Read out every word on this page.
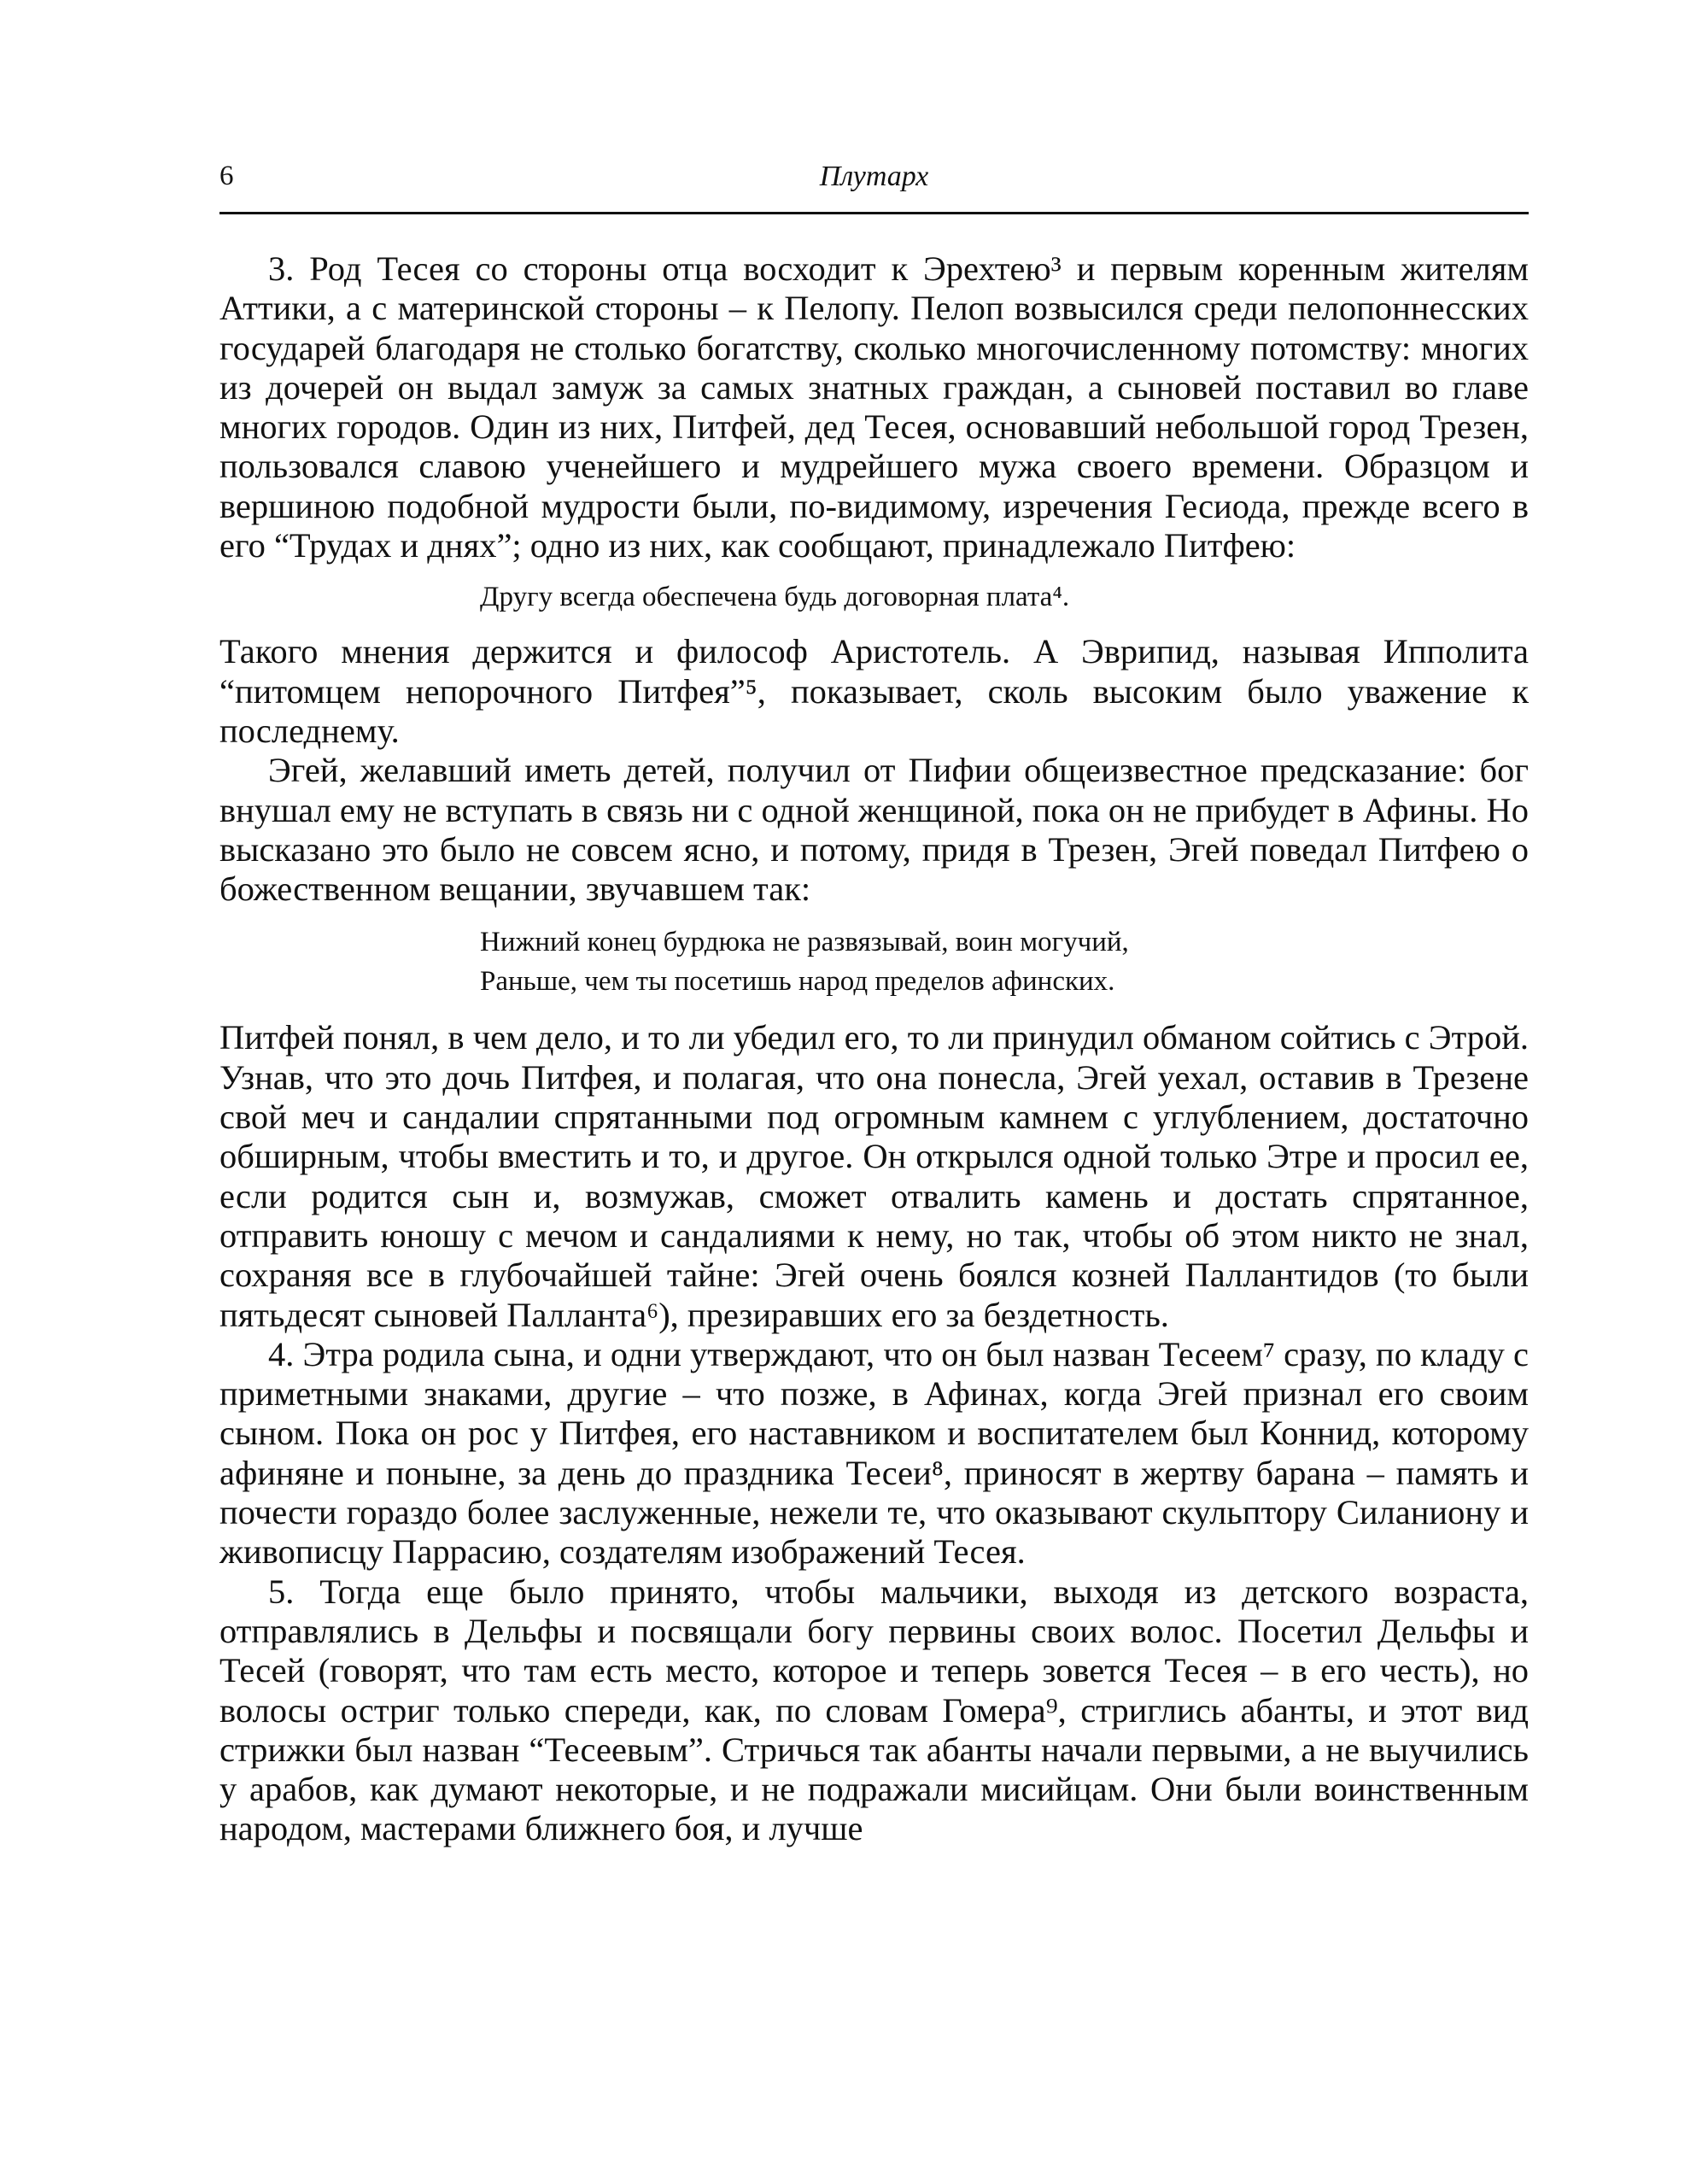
6	Плутарх

3. Род Тесея со стороны отца восходит к Эрехтею³ и первым коренным жителям Аттики, а с материнской стороны – к Пелопу. Пелоп возвысился среди пелопоннесских государей благодаря не столько богатству, сколько многочисленному потомству: многих из дочерей он выдал замуж за самых знатных граждан, а сыновей поставил во главе многих городов. Один из них, Питфей, дед Тесея, основавший небольшой город Трезен, пользовался славою ученейшего и мудрейшего мужа своего времени. Образцом и вершиною подобной мудрости были, по-видимому, изречения Гесиода, прежде всего в его “Трудах и днях”; одно из них, как сообщают, принадлежало Питфею:

Другу всегда обеспечена будь договорная плата⁴.

Такого мнения держится и философ Аристотель. А Эврипид, называя Ипполита “питомцем непорочного Питфея”⁵, показывает, сколь высоким было уважение к последнему.

Эгей, желавший иметь детей, получил от Пифии общеизвестное предсказание: бог внушал ему не вступать в связь ни с одной женщиной, пока он не прибудет в Афины. Но высказано это было не совсем ясно, и потому, придя в Трезен, Эгей поведал Питфею о божественном вещании, звучавшем так:

Нижний конец бурдюка не развязывай, воин могучий,
Раньше, чем ты посетишь народ пределов афинских.

Питфей понял, в чем дело, и то ли убедил его, то ли принудил обманом сойтись с Этрой. Узнав, что это дочь Питфея, и полагая, что она понесла, Эгей уехал, оставив в Трезене свой меч и сандалии спрятанными под огромным камнем с углублением, достаточно обширным, чтобы вместить и то, и другое. Он открылся одной только Этре и просил ее, если родится сын и, возмужав, сможет отвалить камень и достать спрятанное, отправить юношу с мечом и сандалиями к нему, но так, чтобы об этом никто не знал, сохраняя все в глубочайшей тайне: Эгей очень боялся козней Паллантидов (то были пятьдесят сыновей Палланта⁶), презиравших его за бездетность.

4. Этра родила сына, и одни утверждают, что он был назван Тесеем⁷ сразу, по кладу с приметными знаками, другие – что позже, в Афинах, когда Эгей признал его своим сыном. Пока он рос у Питфея, его наставником и воспитателем был Коннид, которому афиняне и поныне, за день до праздника Тесеи⁸, приносят в жертву барана – память и почести гораздо более заслуженные, нежели те, что оказывают скульптору Силаниону и живописцу Паррасию, создателям изображений Тесея.

5. Тогда еще было принято, чтобы мальчики, выходя из детского возраста, отправлялись в Дельфы и посвящали богу первины своих волос. Посетил Дельфы и Тесей (говорят, что там есть место, которое и теперь зовется Тесея – в его честь), но волосы остриг только спереди, как, по словам Гомера⁹, стриглись абанты, и этот вид стрижки был назван “Тесеевым”. Стричься так абанты начали первыми, а не выучились у арабов, как думают некоторые, и не подражали мисийцам. Они были воинственным народом, мастерами ближнего боя, и лучше
